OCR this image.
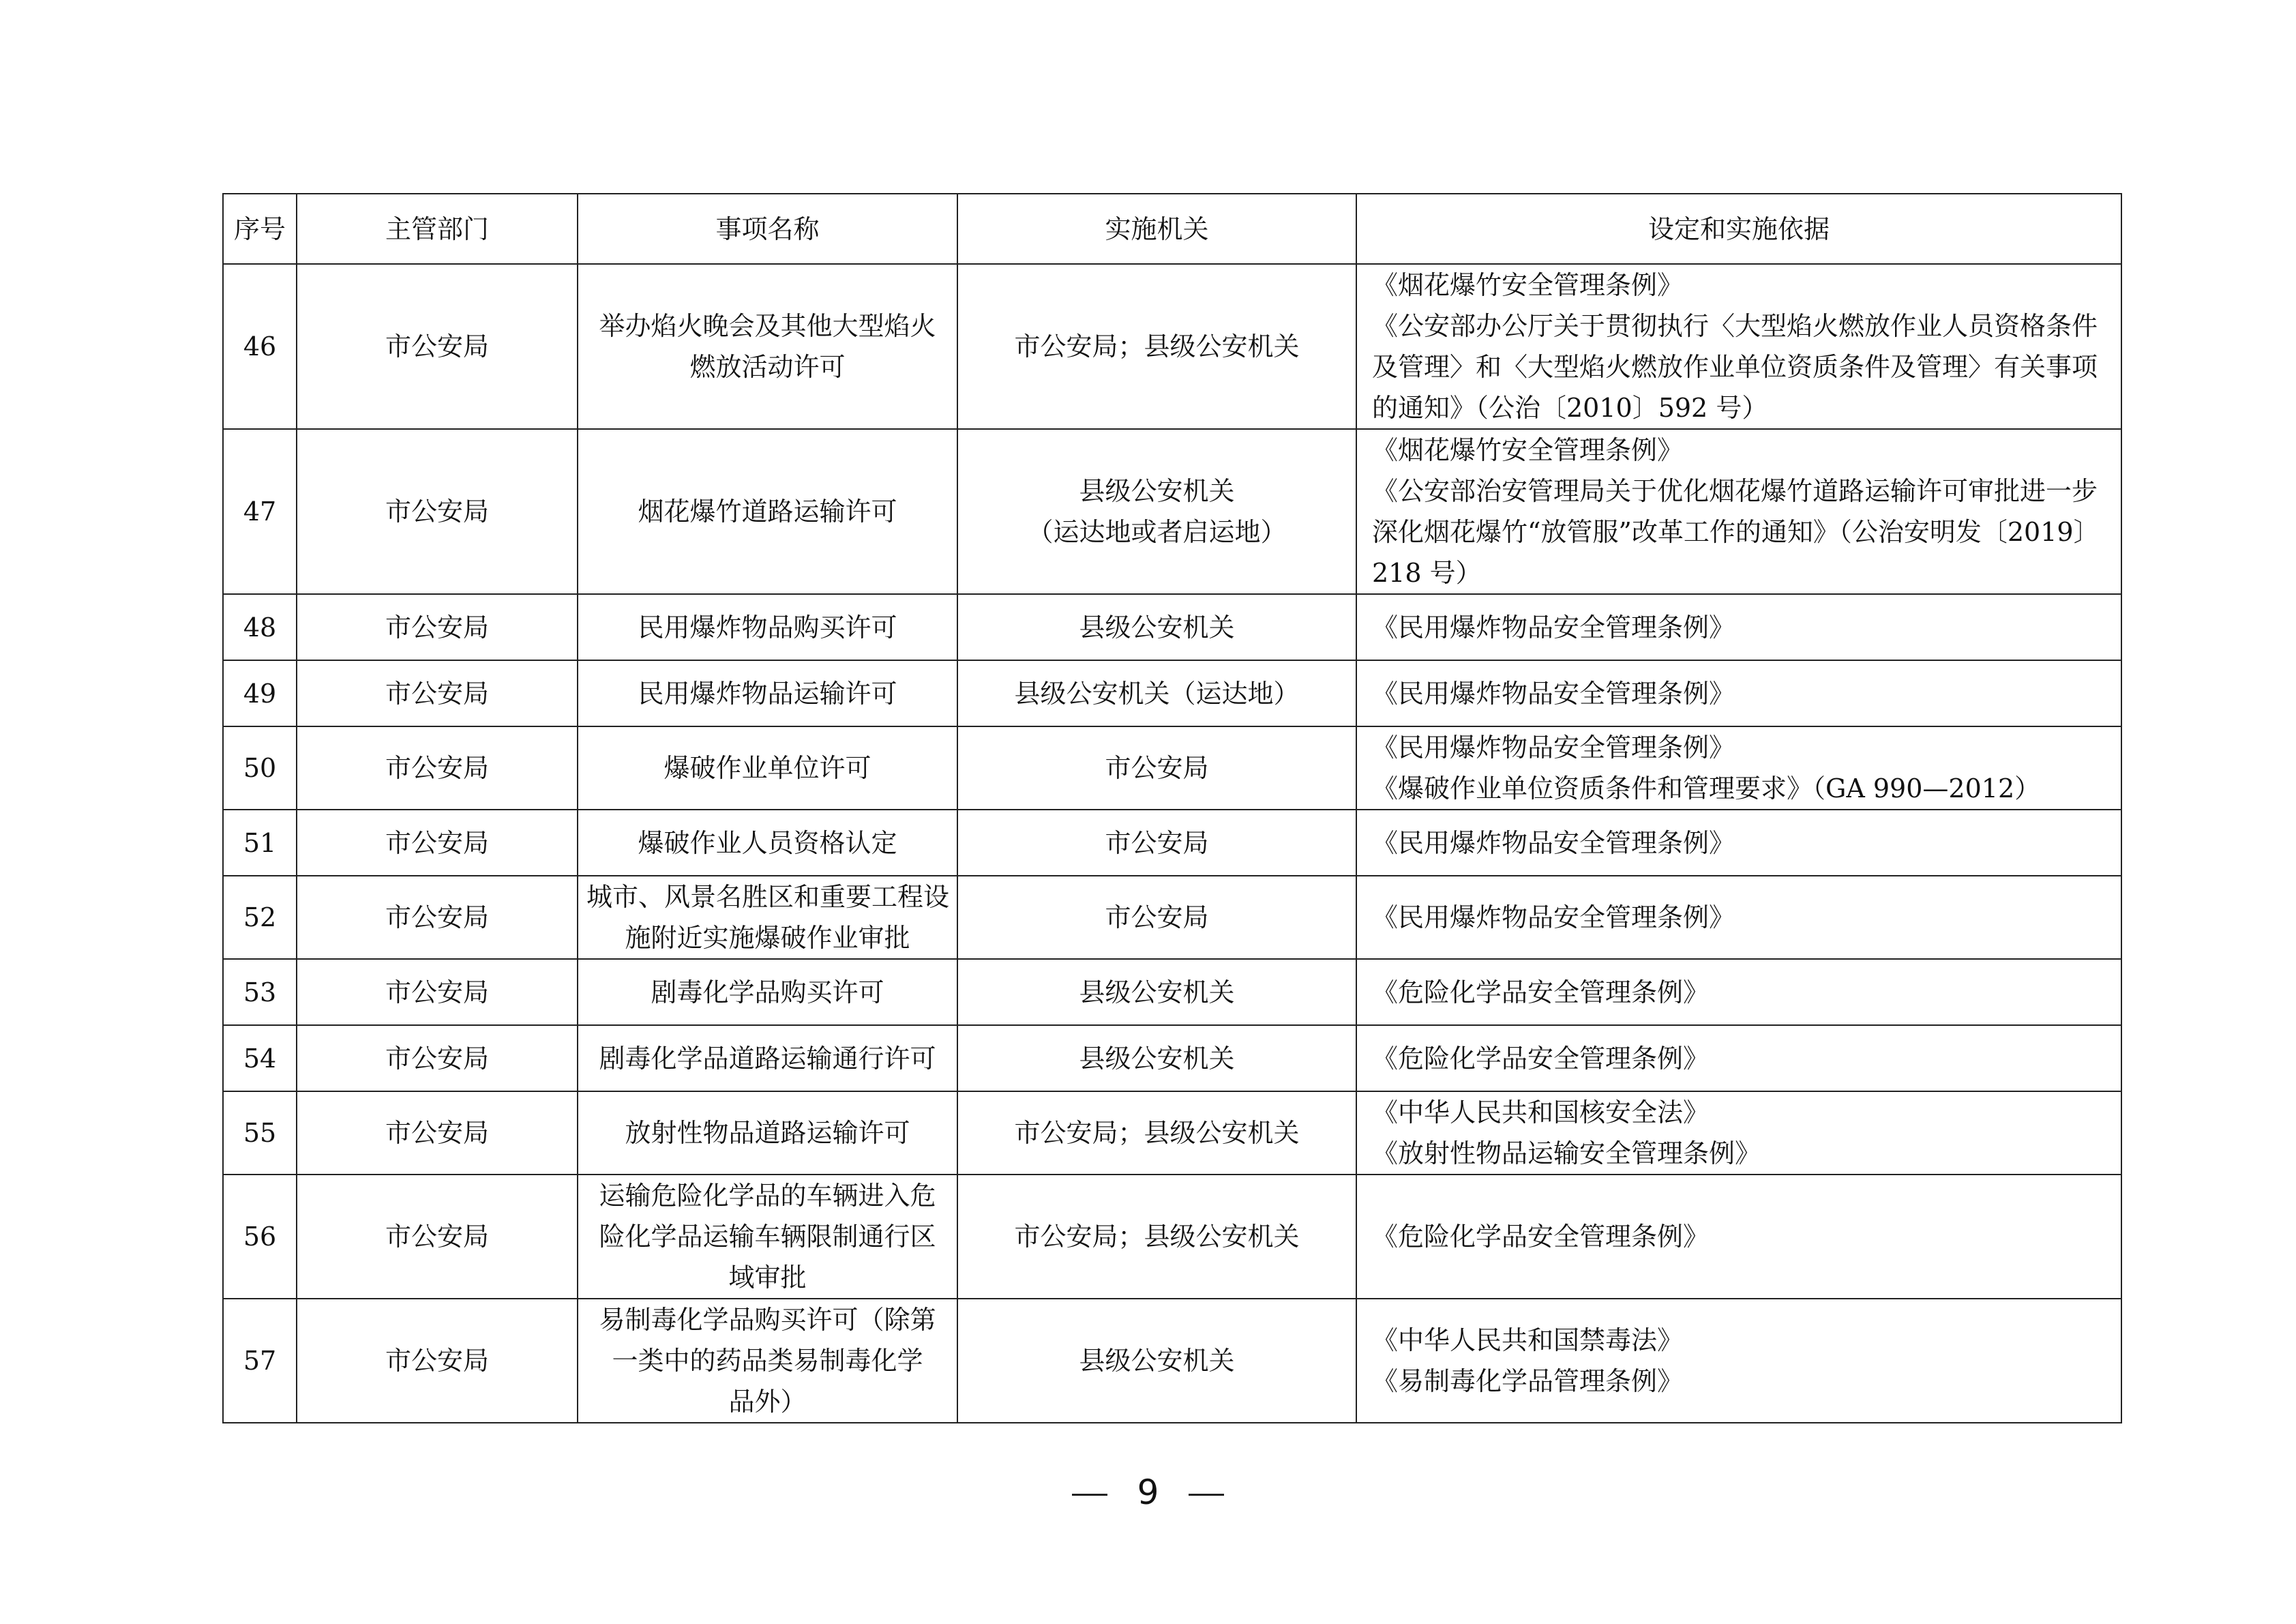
序号	主管部门	事项名称	实施机关	设定和实施依据
46	市公安局	举办焰火晚会及其他大型焰火
燃放活动许可	市公安局；县级公安机关	《烟花爆竹安全管理条例》
《公安部办公厅关于贯彻执行〈大型焰火燃放作业人员资格条件及管理〉和〈大型焰火燃放作业单位资质条件及管理〉有关事项的通知》（公治〔2010〕592 号）

47	市公安局	烟花爆竹道路运输许可	县级公安机关
（运达地或者启运地）	《烟花爆竹安全管理条例》
《公安部治安管理局关于优化烟花爆竹道路运输许可审批进一步深化烟花爆竹“放管服”改革工作的通知》（公治安明发〔2019〕218 号）

48	市公安局	民用爆炸物品购买许可	县级公安机关	《民用爆炸物品安全管理条例》

49	市公安局	民用爆炸物品运输许可	县级公安机关（运达地）	《民用爆炸物品安全管理条例》

50	市公安局	爆破作业单位许可	市公安局	《民用爆炸物品安全管理条例》
《爆破作业单位资质条件和管理要求》（GA 990—2012）

51	市公安局	爆破作业人员资格认定	市公安局	《民用爆炸物品安全管理条例》

52	市公安局	城市、风景名胜区和重要工程设
施附近实施爆破作业审批	市公安局	《民用爆炸物品安全管理条例》

53	市公安局	剧毒化学品购买许可	县级公安机关	《危险化学品安全管理条例》

54	市公安局	剧毒化学品道路运输通行许可	县级公安机关	《危险化学品安全管理条例》

55	市公安局	放射性物品道路运输许可	市公安局；县级公安机关	《中华人民共和国核安全法》
《放射性物品运输安全管理条例》

56	市公安局	运输危险化学品的车辆进入危
险化学品运输车辆限制通行区
域审批	市公安局；县级公安机关	《危险化学品安全管理条例》

57	市公安局	易制毒化学品购买许可（除第
一类中的药品类易制毒化学
品外）	县级公安机关	《中华人民共和国禁毒法》
《易制毒化学品管理条例》
9
